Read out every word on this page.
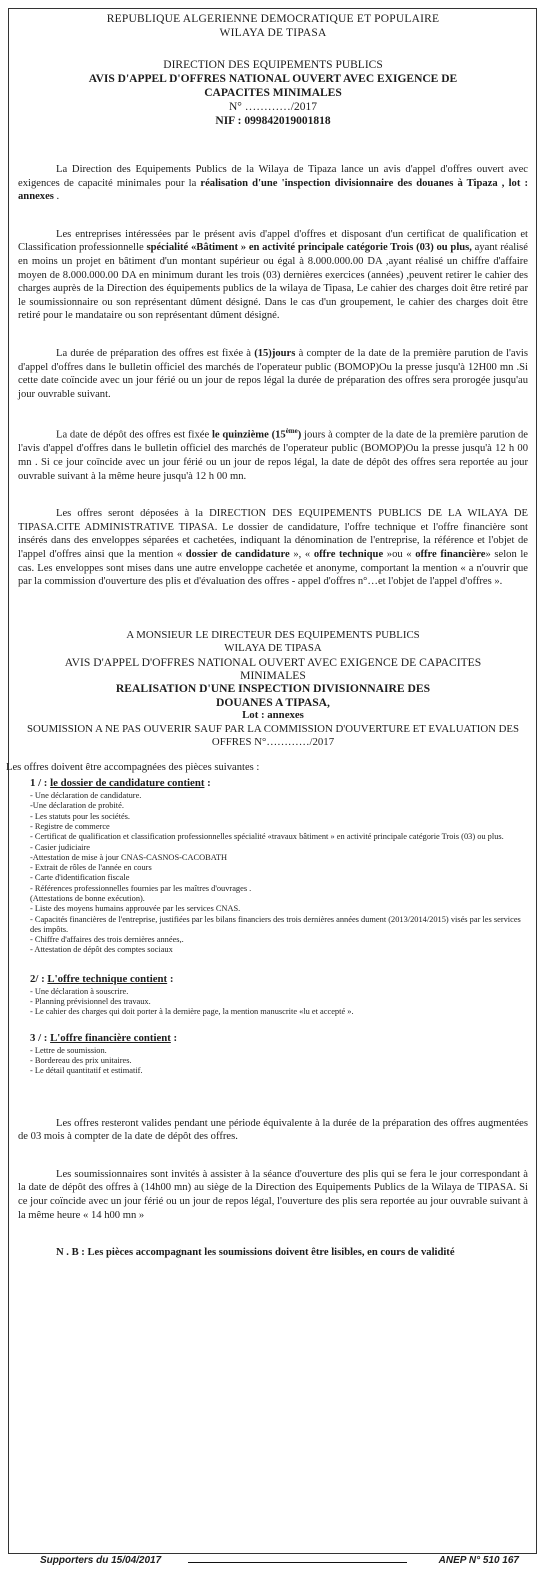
REPUBLIQUE ALGERIENNE DEMOCRATIQUE ET POPULAIRE
WILAYA DE TIPASA
DIRECTION DES EQUIPEMENTS PUBLICS
AVIS D'APPEL D'OFFRES NATIONAL OUVERT AVEC EXIGENCE DE CAPACITES MINIMALES
N° …………/2017
NIF : 099842019001818

La Direction des Equipements Publics de la Wilaya de Tipaza lance un avis d'appel d'offres ouvert avec exigences de capacité minimales pour la réalisation d'une 'inspection divisionnaire des douanes à Tipaza , lot : annexes .

Les entreprises intéressées par le présent avis d'appel d'offres et disposant d'un certificat de qualification et Classification professionnelle spécialité «Bâtiment » en activité principale catégorie Trois (03) ou plus, ayant réalisé en moins un projet en bâtiment d'un montant supérieur ou égal à 8.000.000.00 DA ,ayant réalisé un chiffre d'affaire moyen de 8.000.000.00 DA en minimum durant les trois (03) dernières exercices (années) ,peuvent retirer le cahier des charges auprès de la Direction des équipements publics de la wilaya de Tipasa, Le cahier des charges doit être retiré par le soumissionnaire ou son représentant dûment désigné. Dans le cas d'un groupement, le cahier des charges doit être retiré pour le mandataire ou son représentant dûment désigné.

La durée de préparation des offres est fixée à (15)jours à compter de la date de la première parution de l'avis d'appel d'offres dans le bulletin officiel des marchés de l'operateur public (BOMOP)Ou la presse jusqu'à 12H00 mn .Si cette date coïncide avec un jour férié ou un jour de repos légal la durée de préparation des offres sera prorogée jusqu'au jour ouvrable suivant.

La date de dépôt des offres est fixée le quinzième (15ème) jours à compter de la date de la première parution de l'avis d'appel d'offres dans le bulletin officiel des marchés de l'operateur public (BOMOP)Ou la presse jusqu'à 12 h 00 mn . Si ce jour coïncide avec un jour férié ou un jour de repos légal, la date de dépôt des offres sera reportée au jour ouvrable suivant à la même heure jusqu'à 12 h 00 mn.

Les offres seront déposées à la DIRECTION DES EQUIPEMENTS PUBLICS DE LA WILAYA DE TIPASA.CITE ADMINISTRATIVE TIPASA. Le dossier de candidature, l'offre technique et l'offre financière sont insérés dans des enveloppes séparées et cachetées, indiquant la dénomination de l'entreprise, la référence et l'objet de l'appel d'offres ainsi que la mention « dossier de candidature », « offre technique »ou « offre financière» selon le cas. Les enveloppes sont mises dans une autre enveloppe cachetée et anonyme, comportant la mention « a n'ouvrir que par la commission d'ouverture des plis et d'évaluation des offres - appel d'offres n°…et l'objet de l'appel d'offres ».

A MONSIEUR LE DIRECTEUR DES EQUIPEMENTS PUBLICS
WILAYA DE TIPASA
AVIS D'APPEL D'OFFRES NATIONAL OUVERT AVEC EXIGENCE DE CAPACITES MINIMALES
REALISATION D'UNE INSPECTION DIVISIONNAIRE DES DOUANES A TIPASA,
Lot : annexes
SOUMISSION A NE PAS OUVERIR SAUF PAR LA COMMISSION D'OUVERTURE ET EVALUATION DES OFFRES N°…………/2017

Les offres doivent être accompagnées des pièces suivantes :

1 / : le dossier de candidature contient :

- Une déclaration de candidature.
-Une déclaration de probité.
- Les statuts pour les sociétés.
- Registre de commerce
- Certificat de qualification et classification professionnelles spécialité «travaux bâtiment » en activité principale catégorie Trois (03) ou plus.
- Casier judiciaire
-Attestation de mise à jour CNAS-CASNOS-CACOBATH
- Extrait de rôles de l'année en cours
- Carte d'identification fiscale
- Références professionnelles fournies par les maîtres d'ouvrages .
(Attestations de bonne exécution).
- Liste des moyens humains approuvée par les services CNAS.
- Capacités financières de l'entreprise, justifiées par les bilans financiers des trois dernières années dument (2013/2014/2015) visés par les services des impôts.
- Chiffre d'affaires des trois dernières années,.
- Attestation de dépôt des comptes sociaux

2/ : L'offre technique contient :

- Une déclaration à souscrire.
- Planning prévisionnel des travaux.
- Le cahier des charges qui doit porter à la dernière page, la mention manuscrite «lu et accepté ».

3 / : L'offre financière contient :

- Lettre de soumission.
- Bordereau des prix unitaires.
- Le détail quantitatif et estimatif.

Les offres resteront valides pendant une période équivalente à la durée de la préparation des offres augmentées de 03 mois à compter de la date de dépôt des offres.

Les soumissionnaires sont invités à assister à la séance d'ouverture des plis qui se fera le jour correspondant à la date de dépôt des offres à (14h00 mn) au siège de la Direction des Equipements Publics de la Wilaya de TIPASA. Si ce jour coïncide avec un jour férié ou un jour de repos légal, l'ouverture des plis sera reportée au jour ouvrable suivant à la même heure « 14 h00 mn »

N . B : Les pièces accompagnant les soumissions doivent être lisibles, en cours de validité

Supporters du 15/04/2017	ANEP N° 510 167
